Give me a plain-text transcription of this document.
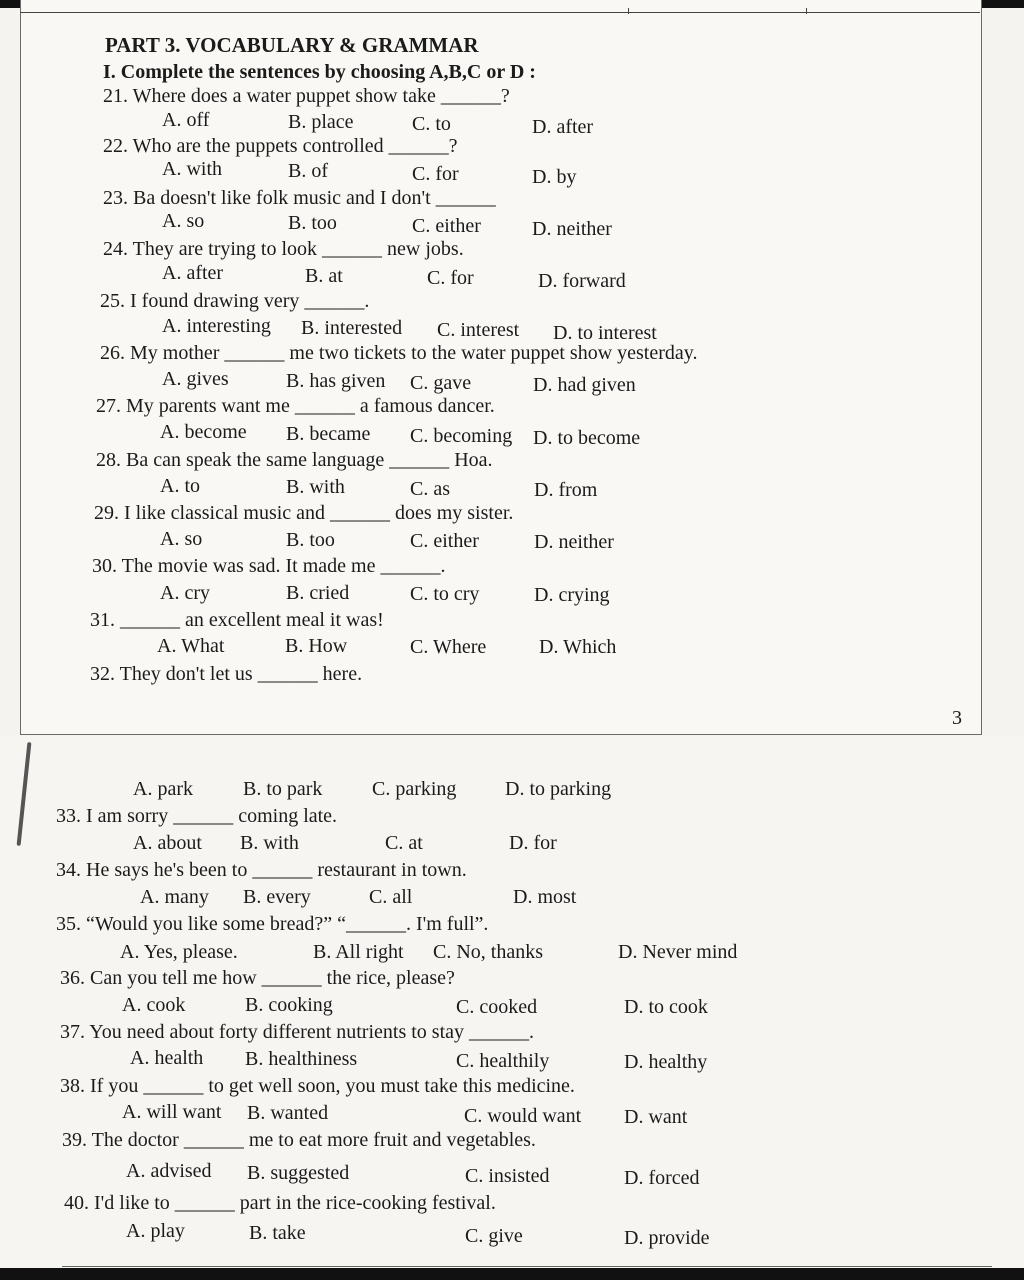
PART 3. VOCABULARY & GRAMMAR
I. Complete the sentences by choosing A,B,C or D :
21. Where does a water puppet show take ______?
A. off	B. place	C. to	D. after
22. Who are the puppets controlled ______?
A. with	B. of	C. for	D. by
23. Ba doesn't like folk music and I don't ______
A. so	B. too	C. either	D. neither
24. They are trying to look ______ new jobs.
A. after	B. at	C. for	D. forward
25. I found drawing very ______.
A. interesting B. interested C. interest D. to interest
26. My mother ______ me two tickets to the water puppet show yesterday.
A. gives	B. has given C. gave	D. had given
27. My parents want me ______ a famous dancer.
A. become B. became C. becoming D. to become
28. Ba can speak the same language ______ Hoa.
A. to	B. with	C. as	D. from
29. I like classical music and ______ does my sister.
A. so	B. too	C. either	D. neither
30. The movie was sad. It made me ______.
A. cry	B. cried	C. to cry	D. crying
31. ______ an excellent meal it was!
A. What	B. How	C. Where	D. Which
32. They don't let us ______ here.
3
A. park	B. to park C. parking D. to parking
33. I am sorry ______ coming late.
A. about B. with	C. at	D. for
34. He says he's been to ______ restaurant in town.
A. many B. every	C. all	D. most
35. “Would you like some bread?” “______. I'm full”.
A. Yes, please.	B. All right C. No, thanks	D. Never mind
36. Can you tell me how ______ the rice, please?
A. cook	B. cooking	C. cooked	D. to cook
37. You need about forty different nutrients to stay ______.
A. health B. healthiness	C. healthily	D. healthy
38. If you ______ to get well soon, you must take this medicine.
A. will want B. wanted	C. would want D. want
39. The doctor ______ me to eat more fruit and vegetables.
A. advised B. suggested	C. insisted	D. forced
40. I'd like to ______ part in the rice-cooking festival.
A. play	B. take	C. give	D. provide
